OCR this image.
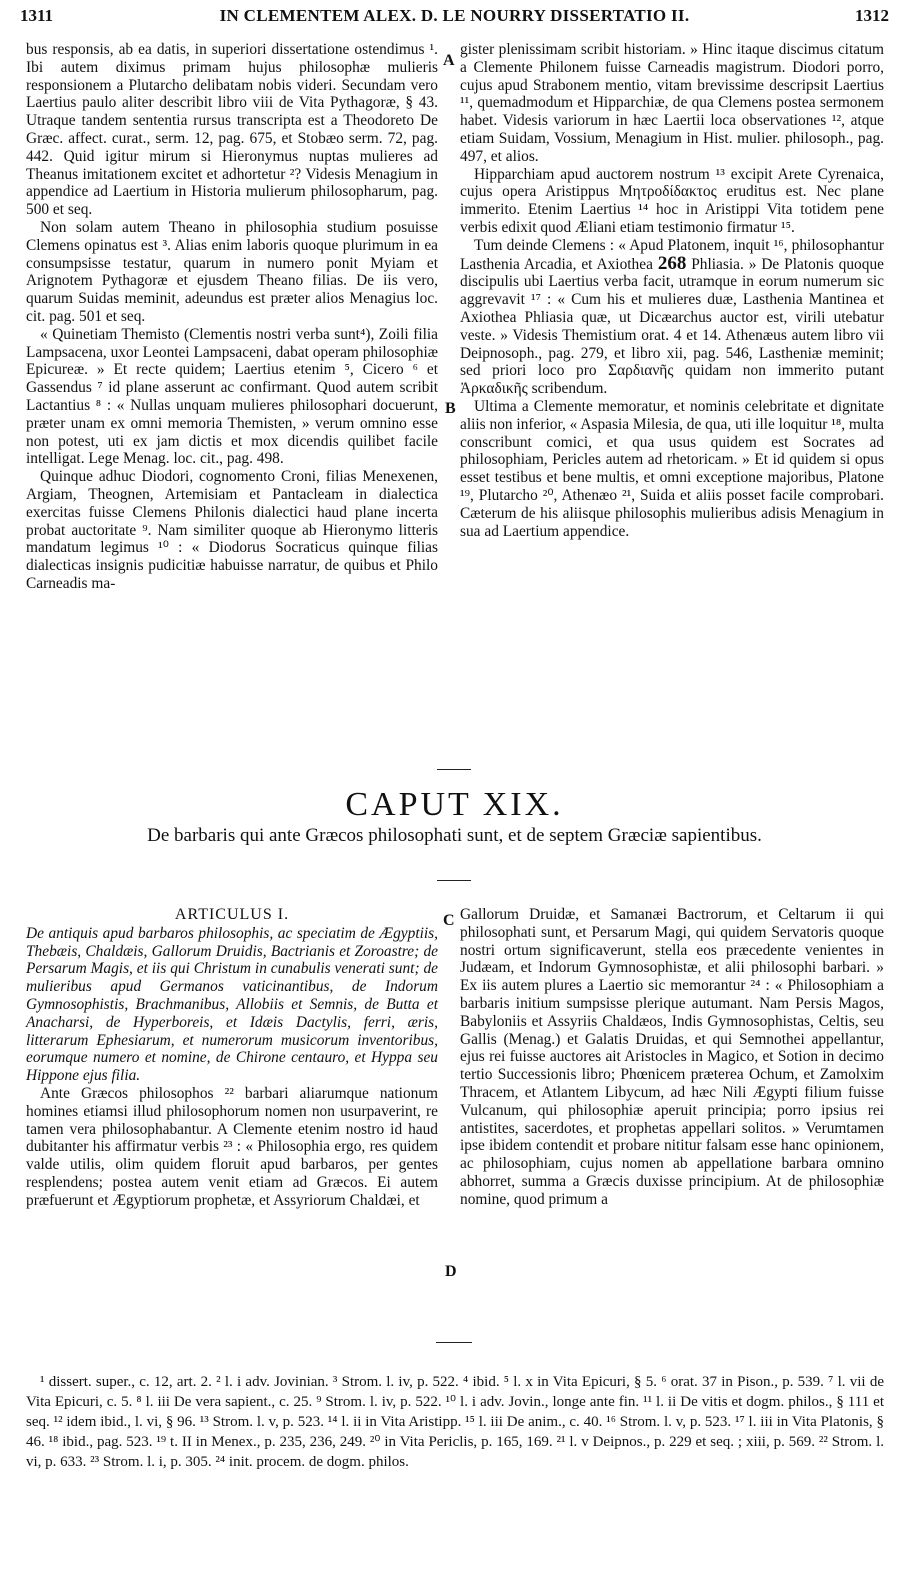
1311	IN CLEMENTEM ALEX. D. LE NOURRY DISSERTATIO II.	1312

bus responsis, ab ea datis, in superiori dissertatione ostendimus ¹. Ibi autem diximus primam hujus philosophæ mulieris responsionem a Plutarcho delibatam nobis videri. Secundam vero Laertius paulo aliter describit libro viii de Vita Pythagoræ, § 43. Utraque tandem sententia rursus transcripta est a Theodoreto De Græc. affect. curat., serm. 12, pag. 675, et Stobæo serm. 72, pag. 442. Quid igitur mirum si Hieronymus nuptas mulieres ad Theanus imitationem excitet et adhortetur ²? Videsis Menagium in appendice ad Laertium in Historia mulierum philosopharum, pag. 500 et seq.

Non solam autem Theano in philosophia studium posuisse Clemens opinatus est ³. Alias enim laboris quoque plurimum in ea consumpsisse testatur, quarum in numero ponit Myiam et Arignotem Pythagoræ et ejusdem Theano filias. De iis vero, quarum Suidas meminit, adeundus est præter alios Menagius loc. cit. pag. 501 et seq.

« Quinetiam Themisto (Clementis nostri verba sunt⁴), Zoili filia Lampsacena, uxor Leontei Lampsaceni, dabat operam philosophiæ Epicureæ. » Et recte quidem; Laertius etenim ⁵, Cicero ⁶ et Gassendus ⁷ id plane asserunt ac confirmant. Quod autem scribit Lactantius ⁸ : « Nullas unquam mulieres philosophari docuerunt, præter unam ex omni memoria Themisten, » verum omnino esse non potest, uti ex jam dictis et mox dicendis quilibet facile intelligat. Lege Menag. loc. cit., pag. 498.

Quinque adhuc Diodori, cognomento Croni, filias Menexenen, Argiam, Theognen, Artemisiam et Pantacleam in dialectica exercitas fuisse Clemens Philonis dialectici haud plane incerta probat auctoritate ⁹. Nam similiter quoque ab Hieronymo litteris mandatum legimus ¹⁰ : « Diodorus Socraticus quinque filias dialecticas insignis pudicitiæ habuisse narratur, de quibus et Philo Carneadis ma-

A
B

gister plenissimam scribit historiam. » Hinc itaque discimus citatum a Clemente Philonem fuisse Carneadis magistrum. Diodori porro, cujus apud Strabonem mentio, vitam brevissime descripsit Laertius ¹¹, quemadmodum et Hipparchiæ, de qua Clemens postea sermonem habet. Videsis variorum in hæc Laertii loca observationes ¹², atque etiam Suidam, Vossium, Menagium in Hist. mulier. philosoph., pag. 497, et alios.

Hipparchiam apud auctorem nostrum ¹³ excipit Arete Cyrenaica, cujus opera Aristippus Μητροδίδακτος eruditus est. Nec plane immerito. Etenim Laertius ¹⁴ hoc in Aristippi Vita totidem pene verbis edixit quod Æliani etiam testimonio firmatur ¹⁵.

Tum deinde Clemens : « Apud Platonem, inquit ¹⁶, philosophantur Lasthenia Arcadia, et Axiothea 268 Phliasia. » De Platonis quoque discipulis ubi Laertius verba facit, utramque in eorum numerum sic aggrevavit ¹⁷ : « Cum his et mulieres duæ, Lasthenia Mantinea et Axiothea Phliasia quæ, ut Dicæarchus auctor est, virili utebatur veste. » Videsis Themistium orat. 4 et 14. Athenæus autem libro vii Deipnosoph., pag. 279, et libro xii, pag. 546, Lastheniæ meminit; sed priori loco pro Σαρδιανῆς quidam non immerito putant Ἀρκαδικῆς scribendum.

Ultima a Clemente memoratur, et nominis celebritate et dignitate aliis non inferior, « Aspasia Milesia, de qua, uti ille loquitur ¹⁸, multa conscribunt comici, et qua usus quidem est Socrates ad philosophiam, Pericles autem ad rhetoricam. » Et id quidem si opus esset testibus et bene multis, et omni exceptione majoribus, Platone ¹⁹, Plutarcho ²⁰, Athenæo ²¹, Suida et aliis posset facile comprobari. Cæterum de his aliisque philosophis mulieribus adisis Menagium in sua ad Laertium appendice.

CAPUT XIX.
De barbaris qui ante Græcos philosophati sunt, et de septem Græciæ sapientibus.
ARTICULUS I.

De antiquis apud barbaros philosophis, ac speciatim de Ægyptiis, Thebæis, Chaldæis, Gallorum Druidis, Bactrianis et Zoroastre; de Persarum Magis, et iis qui Christum in cunabulis venerati sunt; de mulieribus apud Germanos vaticinantibus, de Indorum Gymnosophistis, Brachmanibus, Allobiis et Semnis, de Butta et Anacharsi, de Hyperboreis, et Idæis Dactylis, ferri, æris, litterarum Ephesiarum, et numerorum musicorum inventoribus, eorumque numero et nomine, de Chirone centauro, et Hyppa seu Hippone ejus filia.

Ante Græcos philosophos ²² barbari aliarumque nationum homines etiamsi illud philosophorum nomen non usurpaverint, re tamen vera philosophabantur. A Clemente etenim nostro id haud dubitanter his affirmatur verbis ²³ : « Philosophia ergo, res quidem valde utilis, olim quidem floruit apud barbaros, per gentes resplendens; postea autem venit etiam ad Græcos. Ei autem præfuerunt et Ægyptiorum prophetæ, et Assyriorum Chaldæi, et

C
D

Gallorum Druidæ, et Samanæi Bactrorum, et Celtarum ii qui philosophati sunt, et Persarum Magi, qui quidem Servatoris quoque nostri ortum significaverunt, stella eos præcedente venientes in Judæam, et Indorum Gymnosophistæ, et alii philosophi barbari. » Ex iis autem plures a Laertio sic memorantur ²⁴ : « Philosophiam a barbaris initium sumpsisse plerique autumant. Nam Persis Magos, Babyloniis et Assyriis Chaldæos, Indis Gymnosophistas, Celtis, seu Gallis (Menag.) et Galatis Druidas, et qui Semnothei appellantur, ejus rei fuisse auctores ait Aristocles in Magico, et Sotion in decimo tertio Successionis libro; Phœnicem præterea Ochum, et Zamolxim Thracem, et Atlantem Libycum, ad hæc Nili Ægypti filium fuisse Vulcanum, qui philosophiæ aperuit principia; porro ipsius rei antistites, sacerdotes, et prophetas appellari solitos. » Verumtamen ipse ibidem contendit et probare nititur falsam esse hanc opinionem, ac philosophiam, cujus nomen ab appellatione barbara omnino abhorret, summa a Græcis duxisse principium. At de philosophiæ nomine, quod primum a

¹ dissert. super., c. 12, art. 2. ² l. i adv. Jovinian. ³ Strom. l. iv, p. 522. ⁴ ibid. ⁵ l. x in Vita Epicuri, § 5. ⁶ orat. 37 in Pison., p. 539. ⁷ l. vii de Vita Epicuri, c. 5. ⁸ l. iii De vera sapient., c. 25. ⁹ Strom. l. iv, p. 522. ¹⁰ l. i adv. Jovin., longe ante fin. ¹¹ l. ii De vitis et dogm. philos., § 111 et seq. ¹² idem ibid., l. vi, § 96. ¹³ Strom. l. v, p. 523. ¹⁴ l. ii in Vita Aristipp. ¹⁵ l. iii De anim., c. 40. ¹⁶ Strom. l. v, p. 523. ¹⁷ l. iii in Vita Platonis, § 46. ¹⁸ ibid., pag. 523. ¹⁹ t. II in Menex., p. 235, 236, 249. ²⁰ in Vita Periclis, p. 165, 169. ²¹ l. v Deipnos., p. 229 et seq. ; xiii, p. 569. ²² Strom. l. vi, p. 633. ²³ Strom. l. i, p. 305. ²⁴ init. procem. de dogm. philos.
